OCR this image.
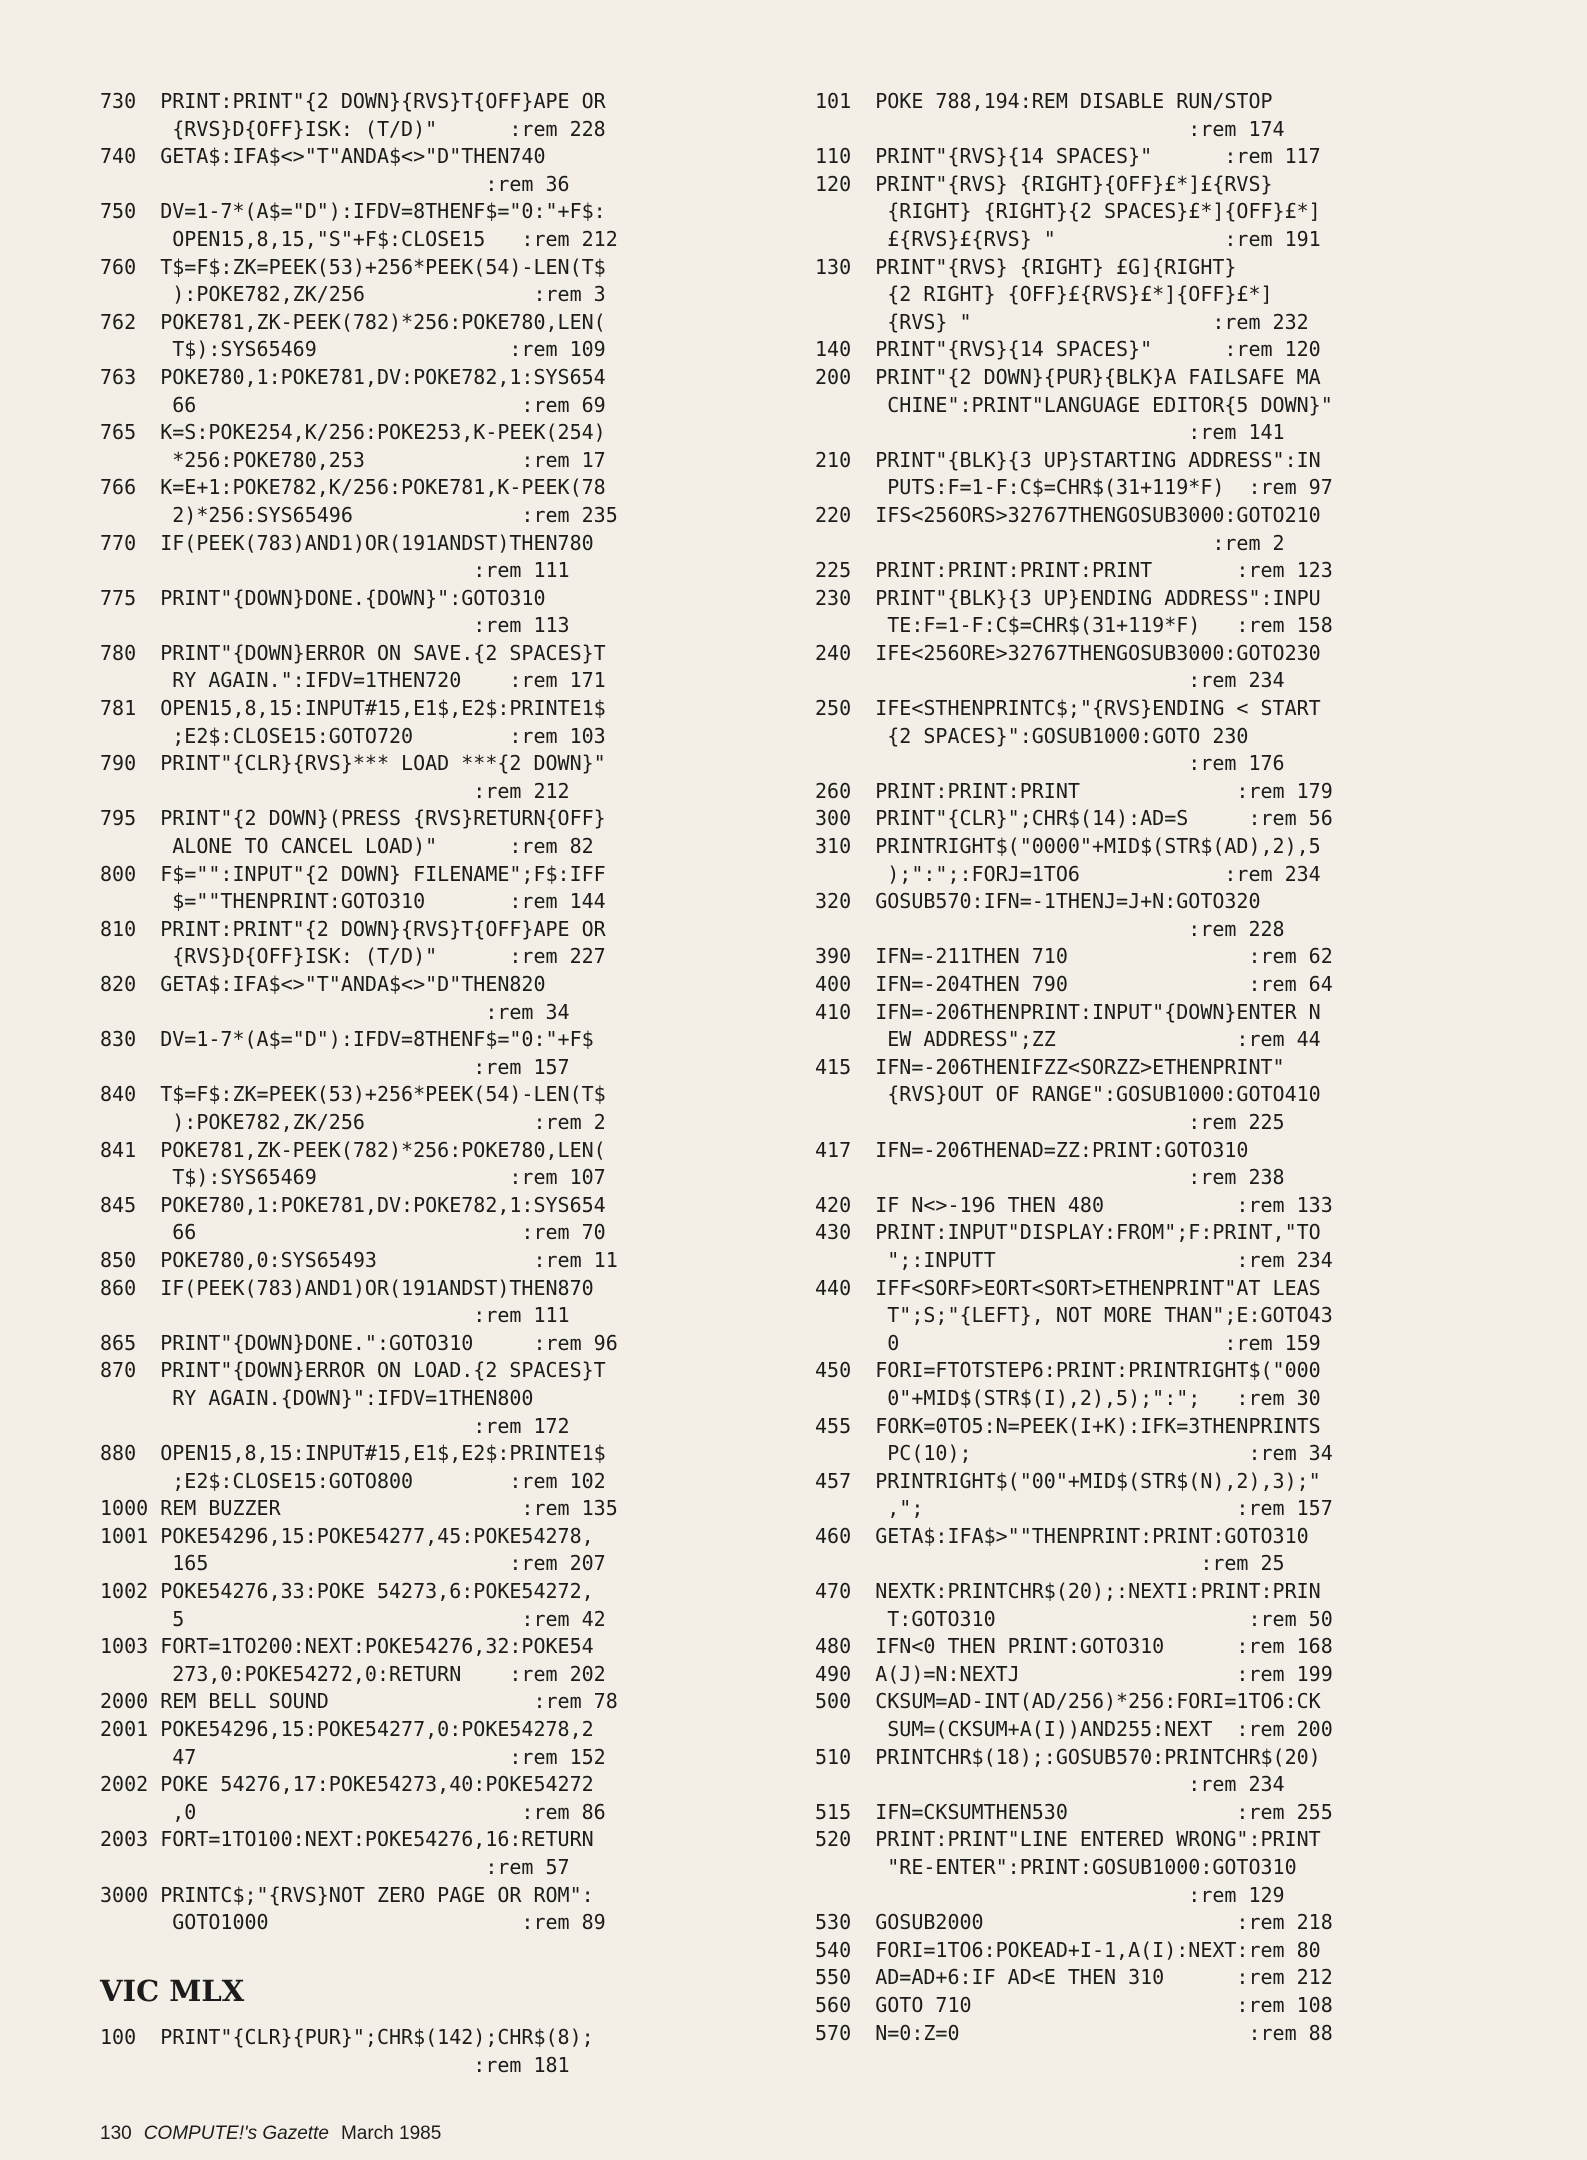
730  PRINT:PRINT"{2 DOWN}{RVS}T{OFF}APE OR
{RVS}D{OFF}ISK: (T/D)"      :rem 228
740  GETA$:IFA$<>"T"ANDA$<>"D"THEN740
:rem 36
750  DV=1-7*(A$="D"):IFDV=8THENF$="0:"+F$:
OPEN15,8,15,"S"+F$:CLOSE15   :rem 212
760  T$=F$:ZK=PEEK(53)+256*PEEK(54)-LEN(T$
):POKE782,ZK/256              :rem 3
762  POKE781,ZK-PEEK(782)*256:POKE780,LEN(
T$):SYS65469                :rem 109
763  POKE780,1:POKE781,DV:POKE782,1:SYS654
66                           :rem 69
765  K=S:POKE254,K/256:POKE253,K-PEEK(254)
*256:POKE780,253             :rem 17
766  K=E+1:POKE782,K/256:POKE781,K-PEEK(78
2)*256:SYS65496              :rem 235
770  IF(PEEK(783)AND1)OR(191ANDST)THEN780
:rem 111
775  PRINT"{DOWN}DONE.{DOWN}":GOTO310
:rem 113
780  PRINT"{DOWN}ERROR ON SAVE.{2 SPACES}T
RY AGAIN.":IFDV=1THEN720    :rem 171
781  OPEN15,8,15:INPUT#15,E1$,E2$:PRINTE1$
;E2$:CLOSE15:GOTO720        :rem 103
790  PRINT"{CLR}{RVS}*** LOAD ***{2 DOWN}"
:rem 212
795  PRINT"{2 DOWN}(PRESS {RVS}RETURN{OFF}
ALONE TO CANCEL LOAD)"      :rem 82
800  F$="":INPUT"{2 DOWN} FILENAME";F$:IFF
$=""THENPRINT:GOTO310       :rem 144
810  PRINT:PRINT"{2 DOWN}{RVS}T{OFF}APE OR
{RVS}D{OFF}ISK: (T/D)"      :rem 227
820  GETA$:IFA$<>"T"ANDA$<>"D"THEN820
:rem 34
830  DV=1-7*(A$="D"):IFDV=8THENF$="0:"+F$
:rem 157
840  T$=F$:ZK=PEEK(53)+256*PEEK(54)-LEN(T$
):POKE782,ZK/256              :rem 2
841  POKE781,ZK-PEEK(782)*256:POKE780,LEN(
T$):SYS65469                :rem 107
845  POKE780,1:POKE781,DV:POKE782,1:SYS654
66                           :rem 70
850  POKE780,0:SYS65493             :rem 11
860  IF(PEEK(783)AND1)OR(191ANDST)THEN870
:rem 111
865  PRINT"{DOWN}DONE.":GOTO310     :rem 96
870  PRINT"{DOWN}ERROR ON LOAD.{2 SPACES}T
RY AGAIN.{DOWN}":IFDV=1THEN800
:rem 172
880  OPEN15,8,15:INPUT#15,E1$,E2$:PRINTE1$
;E2$:CLOSE15:GOTO800        :rem 102
1000 REM BUZZER                    :rem 135
1001 POKE54296,15:POKE54277,45:POKE54278,
165                         :rem 207
1002 POKE54276,33:POKE 54273,6:POKE54272,
5                            :rem 42
1003 FORT=1TO200:NEXT:POKE54276,32:POKE54
273,0:POKE54272,0:RETURN    :rem 202
2000 REM BELL SOUND                 :rem 78
2001 POKE54296,15:POKE54277,0:POKE54278,2
47                          :rem 152
2002 POKE 54276,17:POKE54273,40:POKE54272
,0                           :rem 86
2003 FORT=1TO100:NEXT:POKE54276,16:RETURN
:rem 57
3000 PRINTC$;"{RVS}NOT ZERO PAGE OR ROM":
GOTO1000                     :rem 89
VIC MLX
100  PRINT"{CLR}{PUR}";CHR$(142);CHR$(8);
:rem 181
101  POKE 788,194:REM DISABLE RUN/STOP
:rem 174
110  PRINT"{RVS}{14 SPACES}"      :rem 117
120  PRINT"{RVS} {RIGHT}{OFF}£*]£{RVS}
{RIGHT} {RIGHT}{2 SPACES}£*]{OFF}£*]
£{RVS}£{RVS} "              :rem 191
130  PRINT"{RVS} {RIGHT} £G]{RIGHT}
{2 RIGHT} {OFF}£{RVS}£*]{OFF}£*]
{RVS} "                    :rem 232
140  PRINT"{RVS}{14 SPACES}"      :rem 120
200  PRINT"{2 DOWN}{PUR}{BLK}A FAILSAFE MA
CHINE":PRINT"LANGUAGE EDITOR{5 DOWN}"
:rem 141
210  PRINT"{BLK}{3 UP}STARTING ADDRESS":IN
PUTS:F=1-F:C$=CHR$(31+119*F)  :rem 97
220  IFS<256ORS>32767THENGOSUB3000:GOTO210
:rem 2
225  PRINT:PRINT:PRINT:PRINT       :rem 123
230  PRINT"{BLK}{3 UP}ENDING ADDRESS":INPU
TE:F=1-F:C$=CHR$(31+119*F)   :rem 158
240  IFE<256ORE>32767THENGOSUB3000:GOTO230
:rem 234
250  IFE<STHENPRINTC$;"{RVS}ENDING < START
{2 SPACES}":GOSUB1000:GOTO 230
:rem 176
260  PRINT:PRINT:PRINT             :rem 179
300  PRINT"{CLR}";CHR$(14):AD=S     :rem 56
310  PRINTRIGHT$("0000"+MID$(STR$(AD),2),5
);":";:FORJ=1TO6            :rem 234
320  GOSUB570:IFN=-1THENJ=J+N:GOTO320
:rem 228
390  IFN=-211THEN 710               :rem 62
400  IFN=-204THEN 790               :rem 64
410  IFN=-206THENPRINT:INPUT"{DOWN}ENTER N
EW ADDRESS";ZZ               :rem 44
415  IFN=-206THENIFZZ<SORZZ>ETHENPRINT"
{RVS}OUT OF RANGE":GOSUB1000:GOTO410
:rem 225
417  IFN=-206THENAD=ZZ:PRINT:GOTO310
:rem 238
420  IF N<>-196 THEN 480           :rem 133
430  PRINT:INPUT"DISPLAY:FROM";F:PRINT,"TO
";:INPUTT                    :rem 234
440  IFF<SORF>EORT<SORT>ETHENPRINT"AT LEAS
T";S;"{LEFT}, NOT MORE THAN";E:GOTO43
0                           :rem 159
450  FORI=FTOTSTEP6:PRINT:PRINTRIGHT$("000
0"+MID$(STR$(I),2),5);":";   :rem 30
455  FORK=0TO5:N=PEEK(I+K):IFK=3THENPRINTS
PC(10);                       :rem 34
457  PRINTRIGHT$("00"+MID$(STR$(N),2),3);"
,";                          :rem 157
460  GETA$:IFA$>""THENPRINT:PRINT:GOTO310
:rem 25
470  NEXTK:PRINTCHR$(20);:NEXTI:PRINT:PRIN
T:GOTO310                     :rem 50
480  IFN<0 THEN PRINT:GOTO310      :rem 168
490  A(J)=N:NEXTJ                  :rem 199
500  CKSUM=AD-INT(AD/256)*256:FORI=1TO6:CK
SUM=(CKSUM+A(I))AND255:NEXT  :rem 200
510  PRINTCHR$(18);:GOSUB570:PRINTCHR$(20)
:rem 234
515  IFN=CKSUMTHEN530              :rem 255
520  PRINT:PRINT"LINE ENTERED WRONG":PRINT
"RE-ENTER":PRINT:GOSUB1000:GOTO310
:rem 129
530  GOSUB2000                     :rem 218
540  FORI=1TO6:POKEAD+I-1,A(I):NEXT:rem 80
550  AD=AD+6:IF AD<E THEN 310      :rem 212
560  GOTO 710                      :rem 108
570  N=0:Z=0                        :rem 88
130 COMPUTE!'s Gazette March 1985
